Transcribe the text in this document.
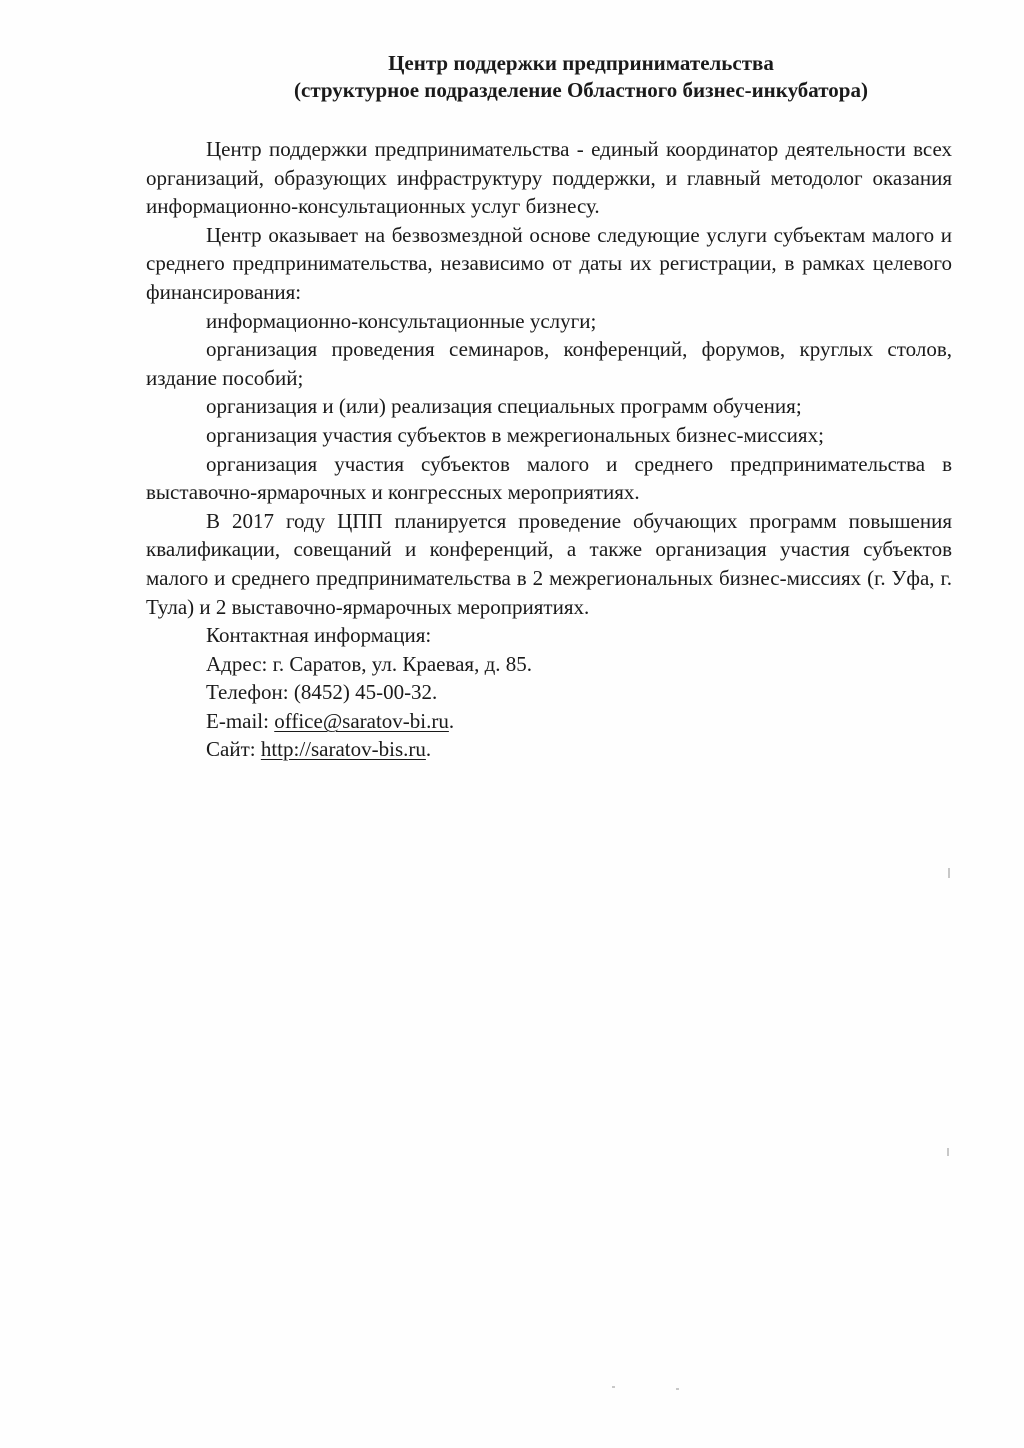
Центр поддержки предпринимательства
(структурное подразделение Областного бизнес-инкубатора)

Центр поддержки предпринимательства - единый координатор деятельности всех организаций, образующих инфраструктуру поддержки, и главный методолог оказания информационно-консультационных услуг бизнесу.

Центр оказывает на безвозмездной основе следующие услуги субъектам малого и среднего предпринимательства, независимо от даты их регистрации, в рамках целевого финансирования:

информационно-консультационные услуги;

организация проведения семинаров, конференций, форумов, круглых столов, издание пособий;

организация и (или) реализация специальных программ обучения;

организация участия субъектов в межрегиональных бизнес-миссиях;

организация участия субъектов малого и среднего предпринимательства в выставочно-ярмарочных и конгрессных мероприятиях.

В 2017 году ЦПП планируется проведение обучающих программ повышения квалификации, совещаний и конференций, а также организация участия субъектов малого и среднего предпринимательства в 2 межрегиональных бизнес-миссиях (г. Уфа, г. Тула) и 2 выставочно-ярмарочных мероприятиях.

Контактная информация:

Адрес: г. Саратов, ул. Краевая, д. 85.

Телефон: (8452) 45-00-32.

E-mail: office@saratov-bi.ru.

Сайт: http://saratov-bis.ru.
